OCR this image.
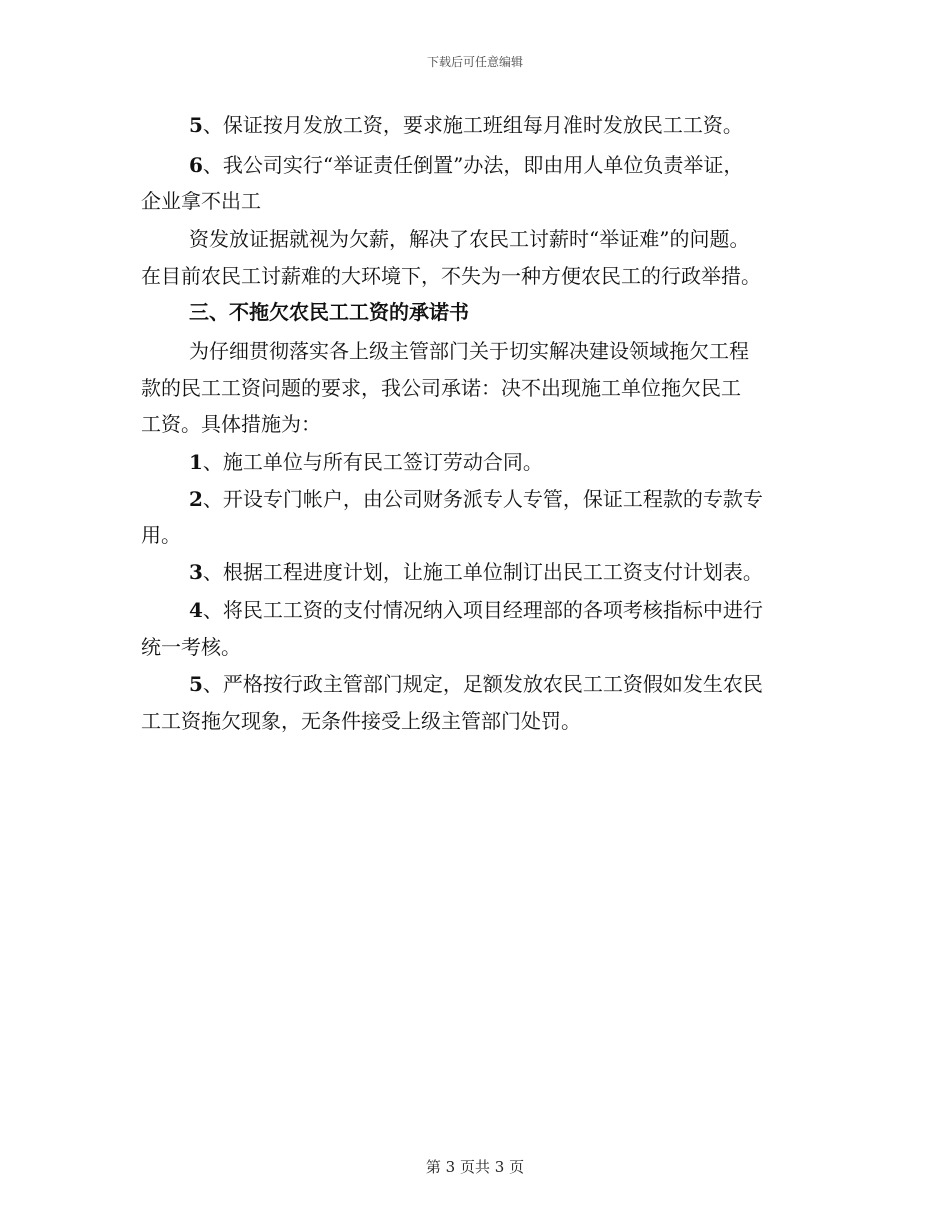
下载后可任意编辑
5、保证按月发放工资，要求施工班组每月准时发放民工工资。
6、我公司实行“举证责任倒置”办法，即由用人单位负责举证，
企业拿不出工
资发放证据就视为欠薪，解决了农民工讨薪时“举证难”的问题。
在目前农民工讨薪难的大环境下，不失为一种方便农民工的行政举措。
三、不拖欠农民工工资的承诺书
为仔细贯彻落实各上级主管部门关于切实解决建设领域拖欠工程
款的民工工资问题的要求，我公司承诺：决不出现施工单位拖欠民工
工资。具体措施为：
1、施工单位与所有民工签订劳动合同。
2、开设专门帐户，由公司财务派专人专管，保证工程款的专款专
用。
3、根据工程进度计划，让施工单位制订出民工工资支付计划表。
4、将民工工资的支付情况纳入项目经理部的各项考核指标中进行
统一考核。
5、严格按行政主管部门规定，足额发放农民工工资假如发生农民
工工资拖欠现象，无条件接受上级主管部门处罚。
第 3 页共 3 页
